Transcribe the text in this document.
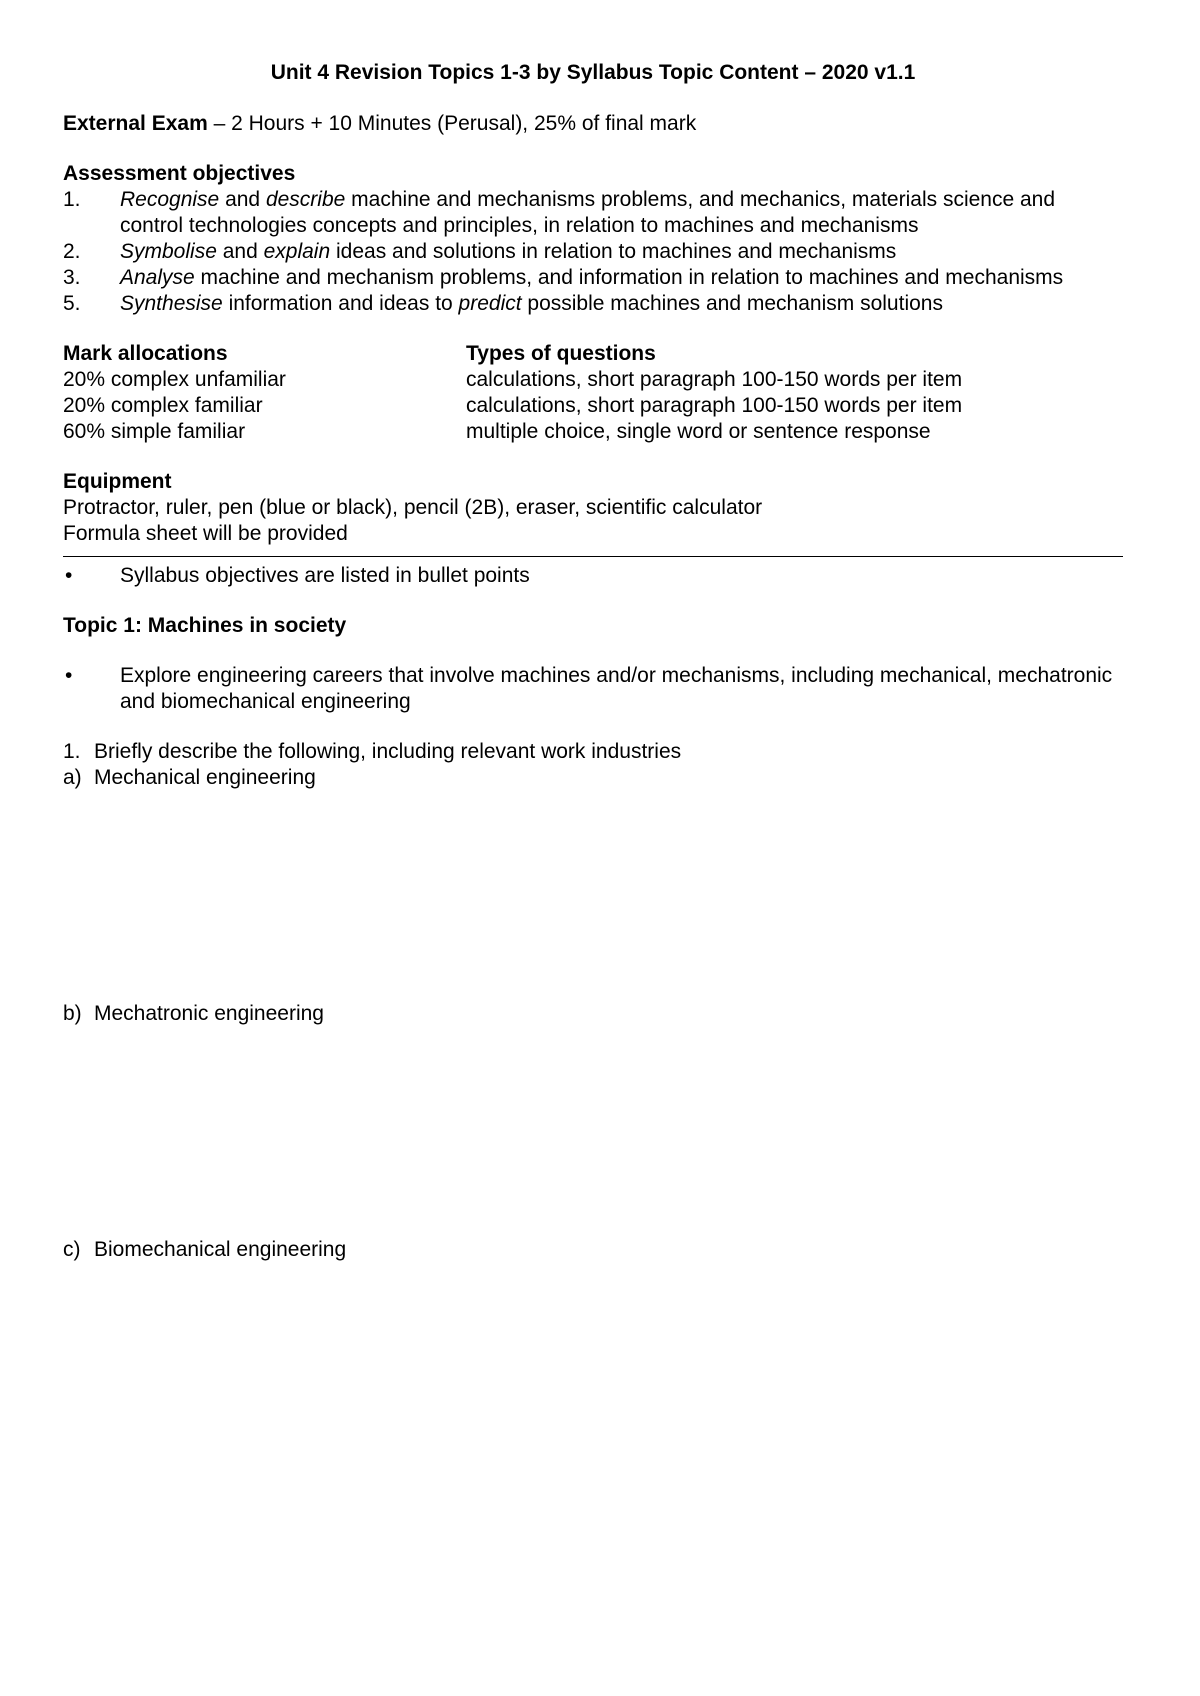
Unit 4 Revision Topics 1-3 by Syllabus Topic Content – 2020 v1.1

External Exam – 2 Hours + 10 Minutes (Perusal), 25% of final mark

Assessment objectives

1.	Recognise and describe machine and mechanisms problems, and mechanics, materials science and control technologies concepts and principles, in relation to machines and mechanisms
2.	Symbolise and explain ideas and solutions in relation to machines and mechanisms
3.	Analyse machine and mechanism problems, and information in relation to machines and mechanisms
5.	Synthesise information and ideas to predict possible machines and mechanism solutions
Mark allocations	Types of questions
20% complex unfamiliar	calculations, short paragraph 100-150 words per item
20% complex familiar	calculations, short paragraph 100-150 words per item
60% simple familiar	multiple choice, single word or sentence response

Equipment

Protractor, ruler, pen (blue or black), pencil (2B), eraser, scientific calculator

Formula sheet will be provided

•	Syllabus objectives are listed in bullet points

Topic 1: Machines in society

•	Explore engineering careers that involve machines and/or mechanisms, including mechanical, mechatronic and biomechanical engineering
1. Briefly describe the following, including relevant work industries
a) Mechanical engineering
b) Mechatronic engineering
c) Biomechanical engineering
